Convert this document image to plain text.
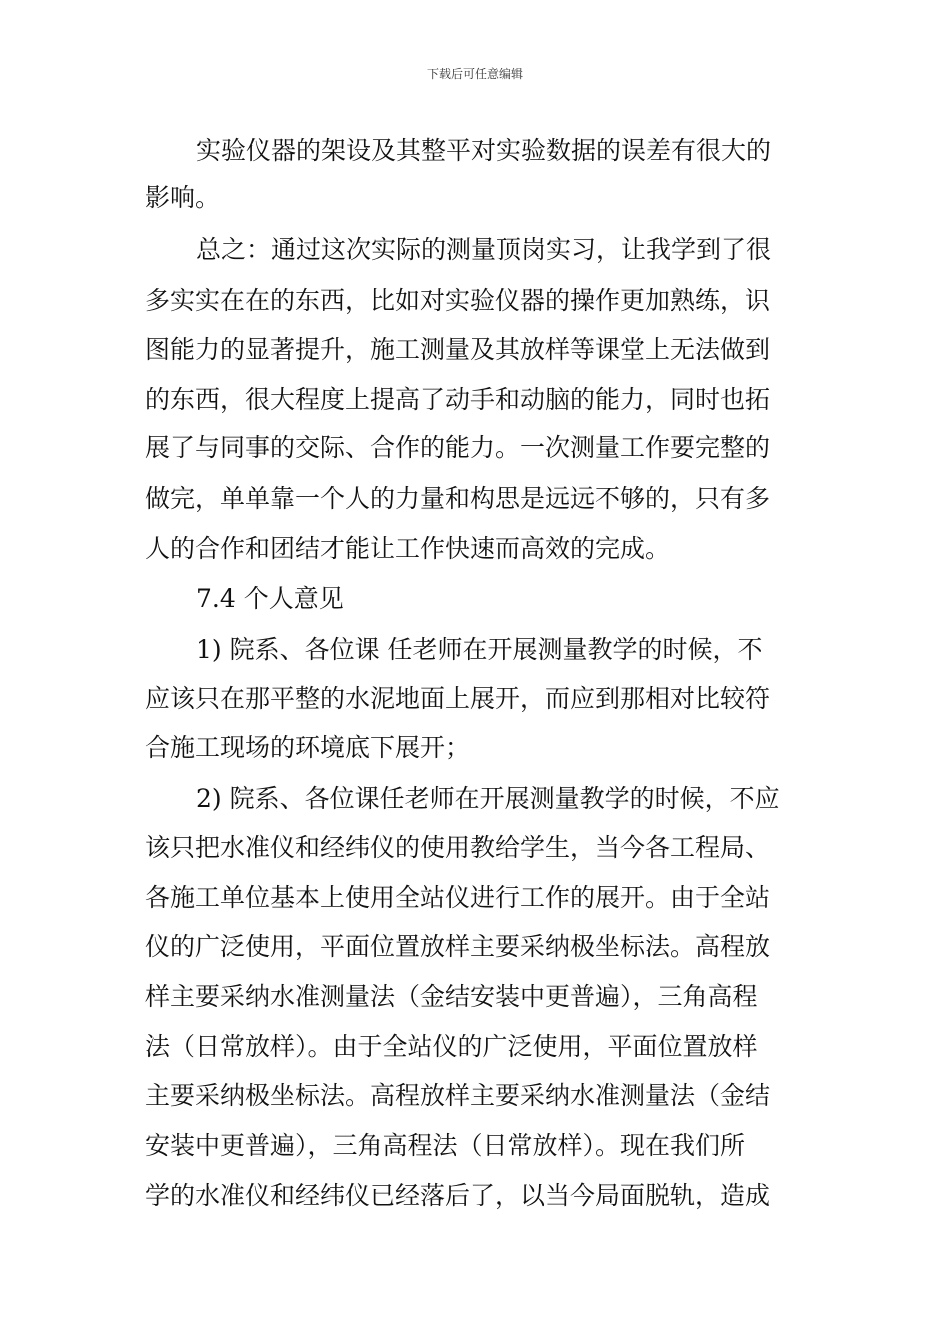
下载后可任意编辑
实验仪器的架设及其整平对实验数据的误差有很大的
影响。
总之：通过这次实际的测量顶岗实习，让我学到了很
多实实在在的东西，比如对实验仪器的操作更加熟练，识
图能力的显著提升，施工测量及其放样等课堂上无法做到
的东西，很大程度上提高了动手和动脑的能力，同时也拓
展了与同事的交际、合作的能力。一次测量工作要完整的
做完，单单靠一个人的力量和构思是远远不够的，只有多
人的合作和团结才能让工作快速而高效的完成。
7.4 个人意见
1) 院系、各位课 任老师在开展测量教学的时候，不
应该只在那平整的水泥地面上展开，而应到那相对比较符
合施工现场的环境底下展开；
2) 院系、各位课任老师在开展测量教学的时候，不应
该只把水准仪和经纬仪的使用教给学生，当今各工程局、
各施工单位基本上使用全站仪进行工作的展开。由于全站
仪的广泛使用，平面位置放样主要采纳极坐标法。高程放
样主要采纳水准测量法（金结安装中更普遍），三角高程
法（日常放样）。由于全站仪的广泛使用，平面位置放样
主要采纳极坐标法。高程放样主要采纳水准测量法（金结
安装中更普遍），三角高程法（日常放样）。现在我们所
学的水准仪和经纬仪已经落后了，以当今局面脱轨，造成
